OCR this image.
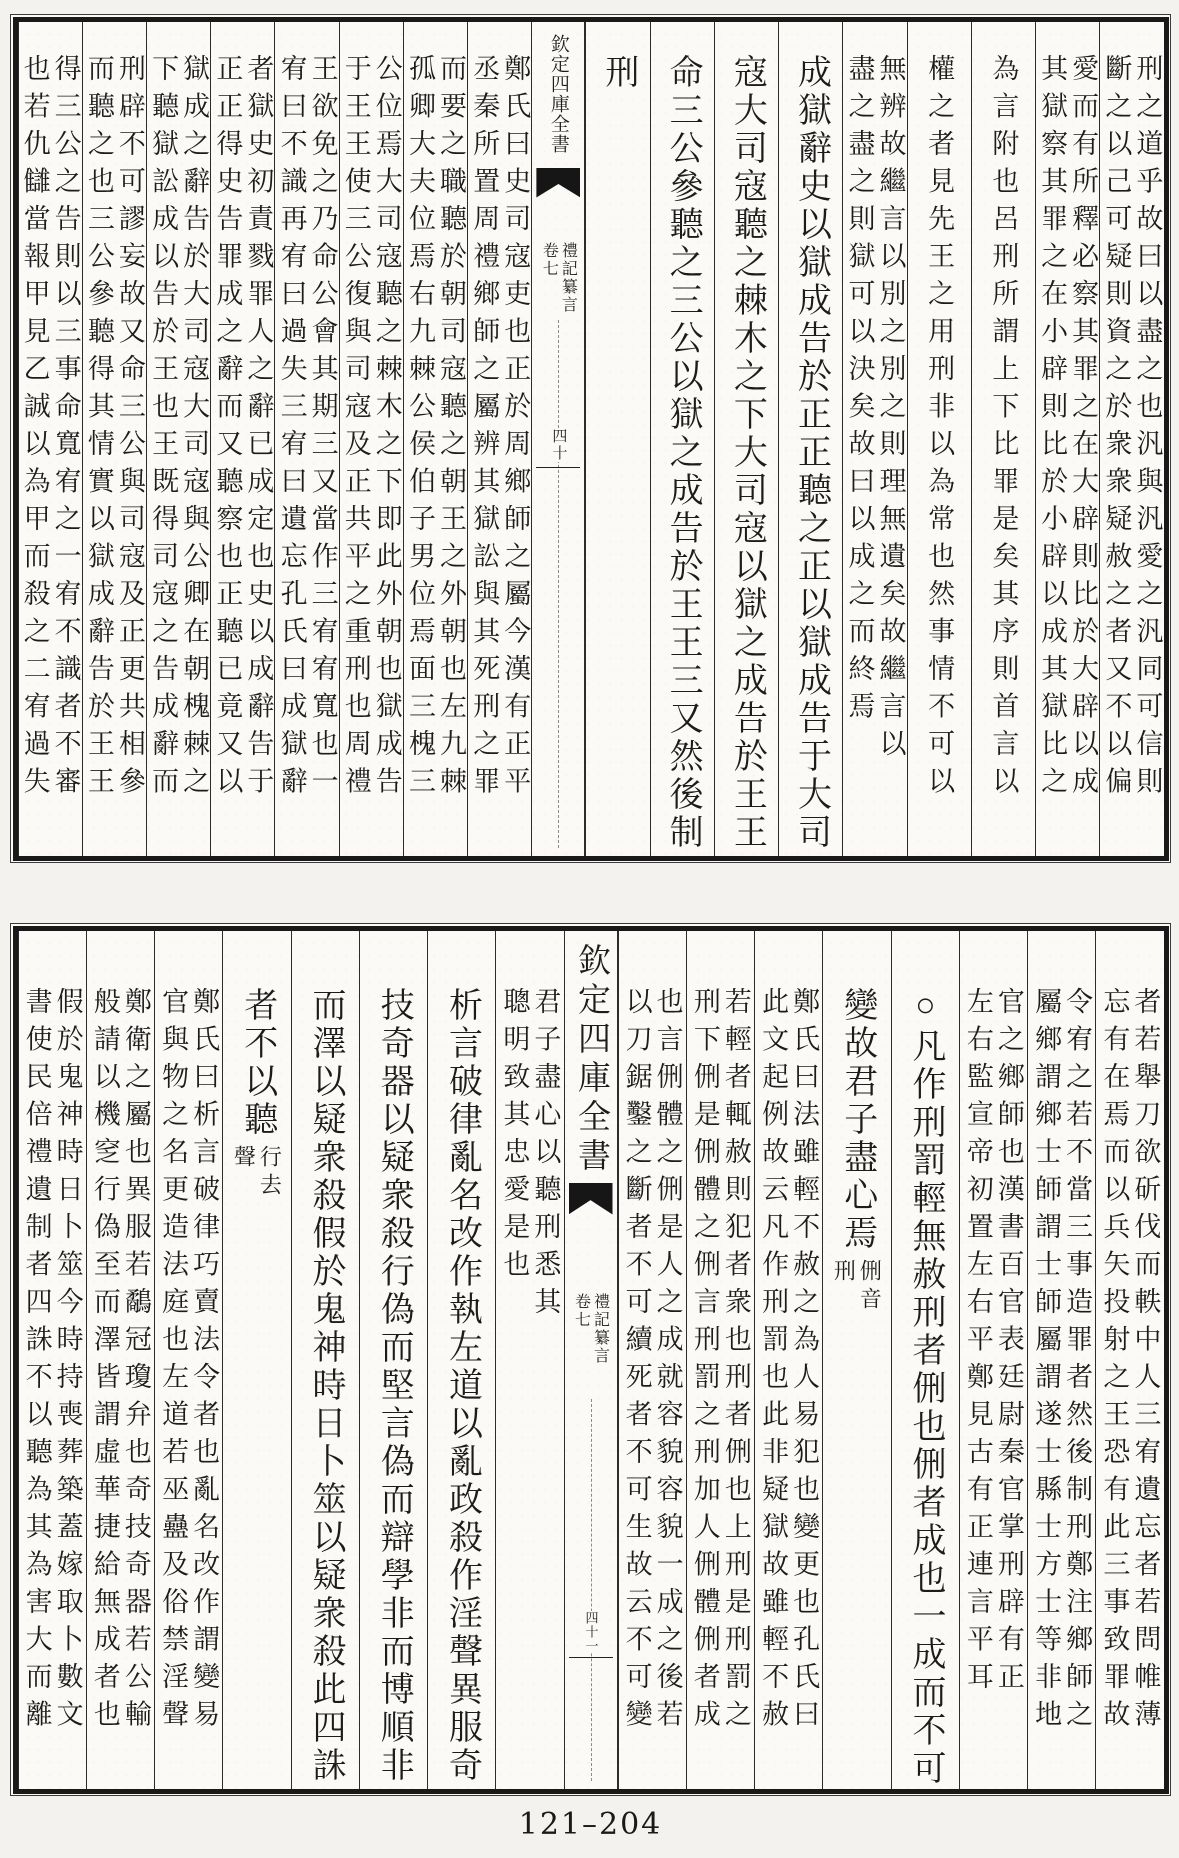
刑之道乎故曰以盡之也汎與汎愛之汎同可信則
斷之以己可疑則資之於衆衆疑赦之者又不以偏
愛而有所釋必察其罪之在大辟則比於大辟以成
其獄察其罪之在小辟則比於小辟以成其獄比之
為言附也呂刑所謂上下比罪是矣其序則首言以
權之者見先王之用刑非以為常也然事情不可以
無辨故繼言以別之別之則理無遺矣故繼言以
盡之盡之則獄可以決矣故曰以成之而終焉
成獄辭史以獄成告於正正聽之正以獄成告于大司
寇大司寇聽之棘木之下大司寇以獄之成告於王王
命三公參聽之三公以獄之成告於王王三又然後制
刑
欽定四庫全書
禮記纂言
卷七
四十
鄭氏曰史司寇吏也正於周鄉師之屬今漢有正平
丞秦所置周禮鄉師之屬辨其獄訟與其死刑之罪
而要之職聽於朝司寇聽之朝王之外朝也左九棘
孤卿大夫位焉右九棘公侯伯子男位焉面三槐三
公位焉大司寇聽之棘木之下即此外朝也獄成告
于王王使三公復與司寇及正共平之重刑也周禮
王欲免之乃命公會其期三又當作三宥宥寬也一
宥曰不識再宥曰過失三宥曰遺忘孔氏曰成獄辭
者獄史初責戮罪人之辭已成定也史以成辭告于
正正得史告罪成之辭而又聽察也正聽已竟又以
獄成之辭告於大司寇大司寇與公卿在朝槐棘之
下聽獄訟成以告於王也王既得司寇之告成辭而
刑辟不可謬妄故又命三公與司寇及正更共相參
而聽之也三公參聽得其情實以獄成辭告於王王
得三公之告則以三事命寬宥之一宥不識者不審
也若仇讎當報甲見乙誠以為甲而殺之二宥過失
者若舉刀欲斫伐而軼中人三宥遺忘者若問帷薄
忘有在焉而以兵矢投射之王恐有此三事致罪故
令宥之若不當三事造罪者然後制刑鄭注鄉師之
屬鄉謂鄉士師謂士師屬謂遂士縣士方士等非地
官之鄉師也漢書百官表廷尉秦官掌刑辟有正
左右監宣帝初置左右平鄭見古有正連言平耳
○凡作刑罰輕無赦刑者侀也侀者成也一成而不可
變故君子盡心焉
侀音
刑
鄭氏曰法雖輕不赦之為人易犯也變更也孔氏曰
此文起例故云凡作刑罰也此非疑獄故雖輕不赦
若輕者輒赦則犯者衆也刑者侀也上刑是刑罰之
刑下侀是侀體之侀言刑罰之刑加人侀體侀者成
也言侀體之侀是人之成就容貌容貌一成之後若
以刀鋸鑿之斷者不可續死者不可生故云不可變
欽定四庫全書
禮記纂言
卷七
四十一
君子盡心以聽刑悉其
聰明致其忠愛是也
析言破律亂名改作執左道以亂政殺作淫聲異服奇
技奇器以疑衆殺行偽而堅言偽而辯學非而博順非
而澤以疑衆殺假於鬼神時日卜筮以疑衆殺此四誅
者不以聽
行去
聲
鄭氏曰析言破律巧賣法令者也亂名改作謂變易
官與物之名更造法庭也左道若巫蠱及俗禁淫聲
鄭衛之屬也異服若鷸冠瓊弁也奇技奇器若公輸
般請以機窆行偽至而澤皆謂虛華捷給無成者也
假於鬼神時日卜筮今時持喪葬築蓋嫁取卜數文
書使民倍禮遺制者四誅不以聽為其為害大而離
121–204
